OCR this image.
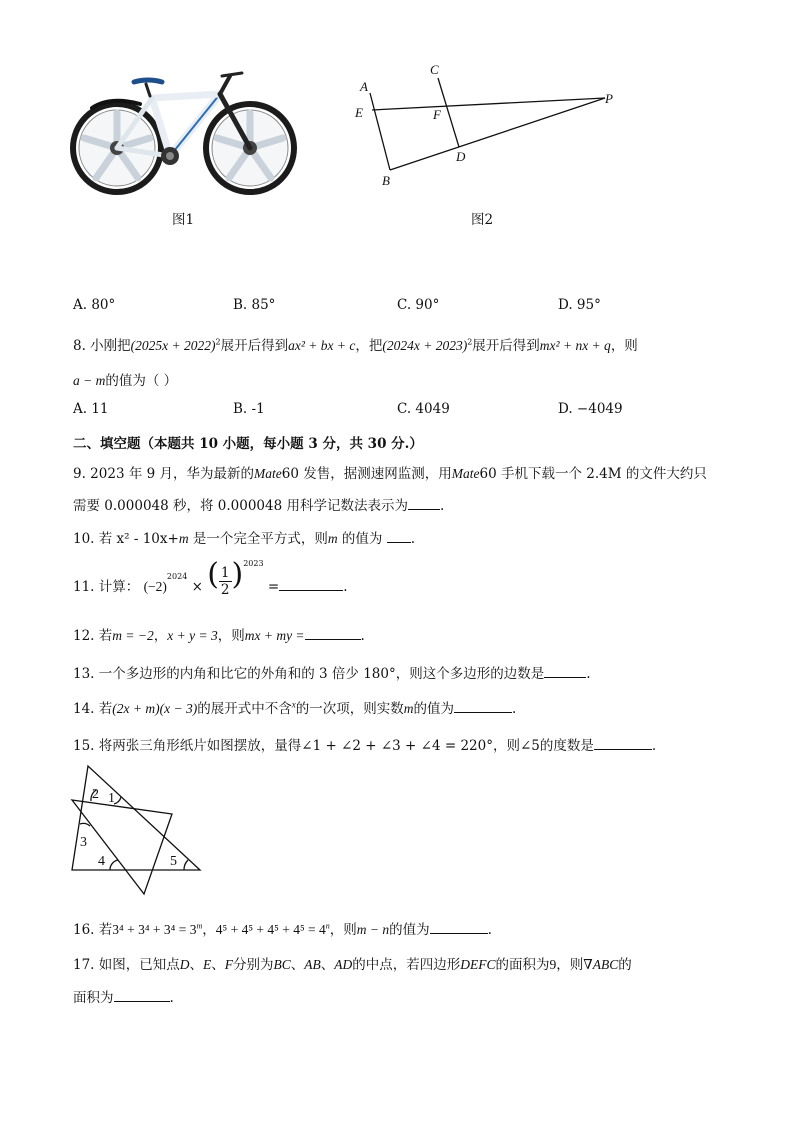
图1
A
E
B
C
F
D
P
图2
A. 80°	B. 85°	C. 90°	D. 95°
8. 小刚把$(2025x + 2022)^2$展开后得到ax² + bx + c，把$(2024x + 2023)^2$展开后得到mx² + nx + q，则
a − m的值为（ ）
A. 11	B. -1	C. 4049	D. −4049
二、填空题（本题共 10 小题，每小题 3 分，共 30 分.）
9. 2023 年 9 月，华为最新的Mate60 发售，据测速网监测，用Mate60 手机下载一个 2.4M 的文件大约只
需要 0.000048 秒，将 0.000048 用科学记数法表示为 .
10. 若 x² - 10x+m 是一个完全平方式，则m 的值为 .
11. 计算： $(-2)_{2024}$ × ( $\frac{1}{2} )^{2023}$ =	.
12. 若m = −2，x + y = 3，则mx + my =	.
13. 一个多边形的内角和比它的外角和的 3 倍少 180°，则这个多边形的边数是	.
14. 若(2x + m)(x − 3)的展开式中不含$^x$的一次项，则实数m的值为	.
15. 将两张三角形纸片如图摆放，量得∠1 + ∠2 + ∠3 + ∠4 = 220°，则∠5的度数是	.
2 1
3
4	5
16. 若$3^4 + 3^4 + 3^4 = 3^m$，$4^5 + 4^5 + 4^5 + 4^5 = 4^n$，则m − n的值为	.
17. 如图，已知点D、E、F分别为BC、AB、AD的中点，若四边形DEFC的面积为9，则∇ABC的
面积为	.
